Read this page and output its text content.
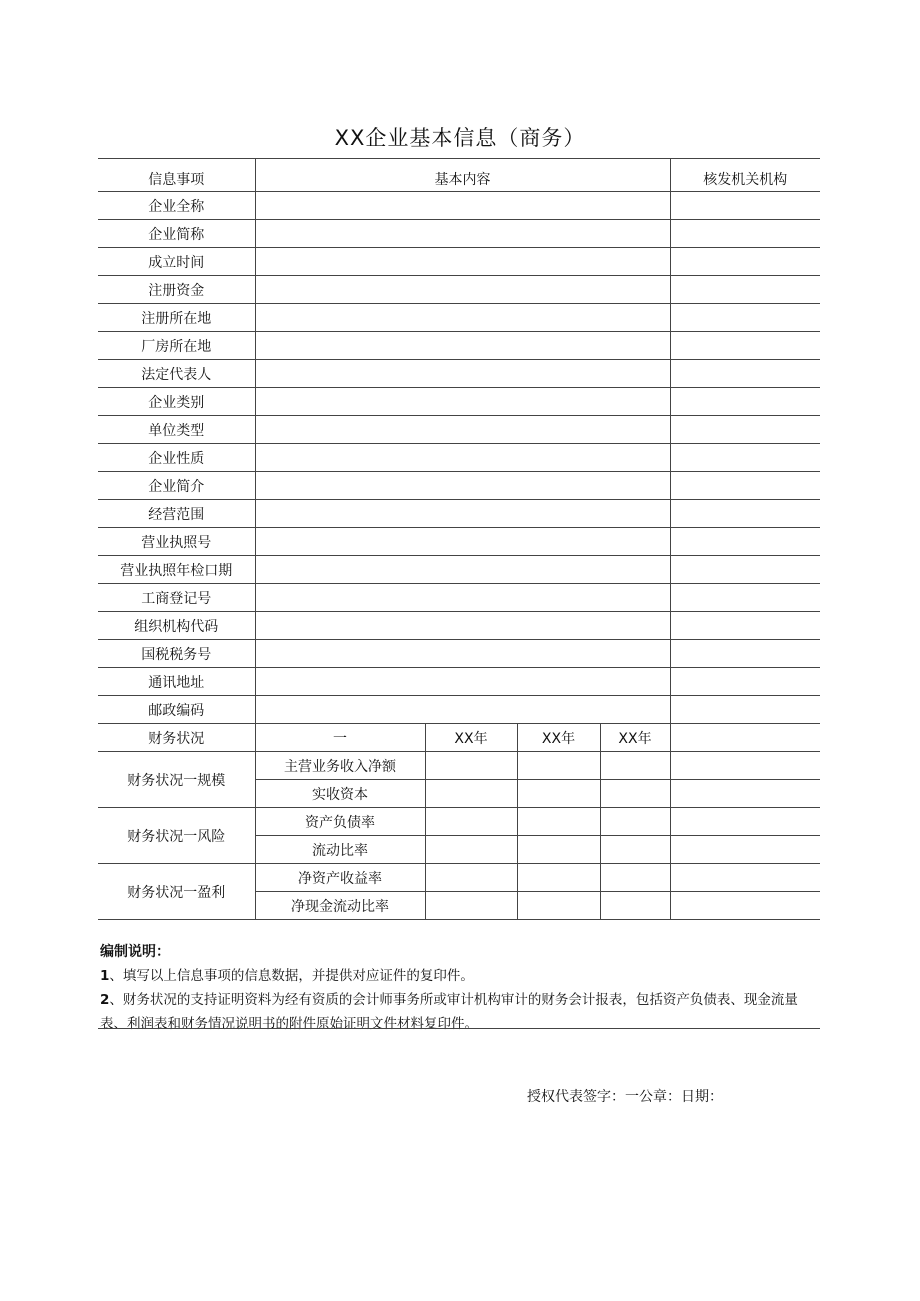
XX企业基本信息（商务）
信息事项	基本内容				核发机关机构
企业全称					
企业简称					
成立时间					
注册资金					
注册所在地					
厂房所在地					
法定代表人					
企业类别					
单位类型					
企业性质					
企业简介					
经营范围					
营业执照号					
营业执照年检口期					
工商登记号					
组织机构代码					
国税税务号					
通讯地址					
邮政编码					
财务状况	一	XX年	XX年	XX年	
财务状况一规模	主营业务收入净额				
	实收资本				
财务状况一风险	资产负债率				
	流动比率				
财务状况一盈利	净资产收益率				
	净现金流动比率				
编制说明：
1、填写以上信息事项的信息数据，并提供对应证件的复印件。
2、财务状况的支持证明资料为经有资质的会计师事务所或审计机构审计的财务会计报表，包括资产负债表、现金流量表、利润表和财务情况说明书的附件原始证明文件材料复印件。
授权代表签字：一公章：日期：
